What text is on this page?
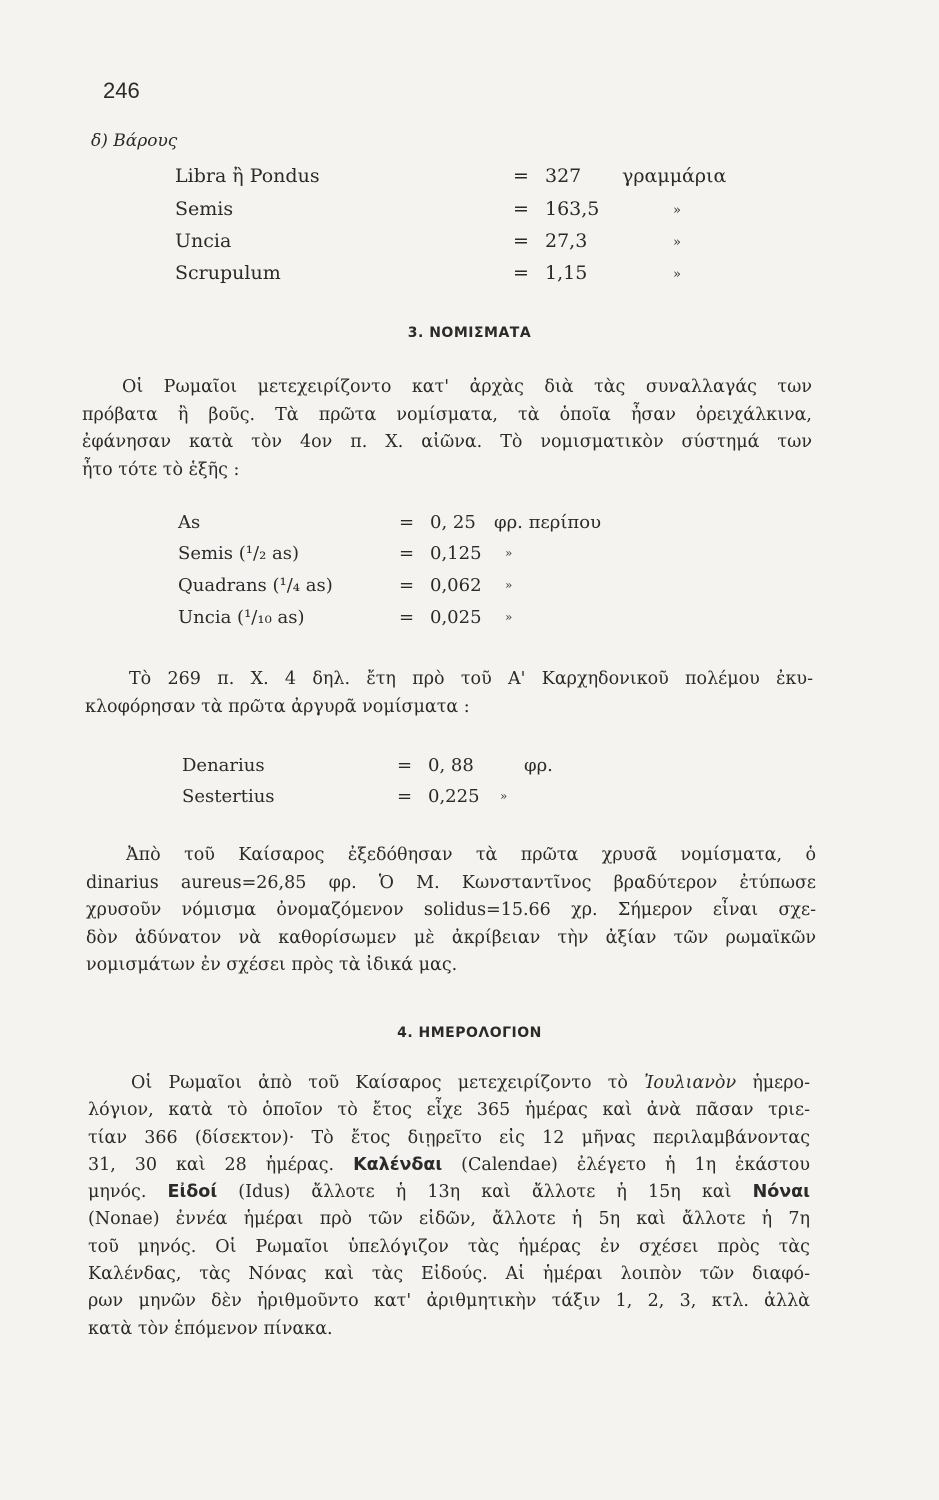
246
δ) Βάρους
Libra ἢ Pondus	= 327 γραμμάρια
Semis	= 163,5	»
Uncia	= 27,3	»
Scrupulum	= 1,15	»
3. ΝΟΜΙΣΜΑΤΑ
Οἱ Ρωμαῖοι μετεχειρίζοντο κατ' ἀρχὰς διὰ τὰς συναλλαγάς των
πρόβατα ἢ βοῦς. Τὰ πρῶτα νομίσματα, τὰ ὁποῖα ἦσαν ὀρειχάλκινα,
ἐφάνησαν κατὰ τὸν 4ον π. Χ. αἰῶνα. Τὸ νομισματικὸν σύστημά των
ἦτο τότε τὸ ἑξῆς :
As	= 0, 25 φρ. περίπου
Semis (¹/₂ as)	= 0,125 »
Quadrans (¹/₄ as)	= 0,062 »
Uncia (¹/₁₀ as)	= 0,025 »
Τὸ 269 π. Χ. 4 δηλ. ἔτη πρὸ τοῦ Α' Καρχηδονικοῦ πολέμου ἐκυ-
κλοφόρησαν τὰ πρῶτα ἀργυρᾶ νομίσματα :
Denarius	= 0, 88	φρ.
Sestertius	= 0,225 »
Ἀπὸ τοῦ Καίσαρος ἐξεδόθησαν τὰ πρῶτα χρυσᾶ νομίσματα, ὁ
dinarius aureus=26,85 φρ. Ὁ Μ. Κωνσταντῖνος βραδύτερον ἐτύπωσε
χρυσοῦν νόμισμα ὀνομαζόμενον solidus=15.66 χρ. Σήμερον εἶναι σχε-
δὸν ἀδύνατον νὰ καθορίσωμεν μὲ ἀκρίβειαν τὴν ἀξίαν τῶν ρωμαϊκῶν
νομισμάτων ἐν σχέσει πρὸς τὰ ἰδικά μας.
4. ΗΜΕΡΟΛΟΓΙΟΝ
Οἱ Ρωμαῖοι ἀπὸ τοῦ Καίσαρος μετεχειρίζοντο τὸ Ἰουλιανὸν ἡμερο-
λόγιον, κατὰ τὸ ὁποῖον τὸ ἔτος εἶχε 365 ἡμέρας καὶ ἀνὰ πᾶσαν τριε-
τίαν 366 (δίσεκτον)· Τὸ ἔτος διῃρεῖτο εἰς 12 μῆνας περιλαμβάνοντας
31, 30 καὶ 28 ἡμέρας. Καλένδαι (Calendae) ἐλέγετο ἡ 1η ἑκάστου
μηνός. Εἰδοί (Idus) ἄλλοτε ἡ 13η καὶ ἄλλοτε ἡ 15η καὶ Νόναι
(Nonae) ἐννέα ἡμέραι πρὸ τῶν εἰδῶν, ἄλλοτε ἡ 5η καὶ ἄλλοτε ἡ 7η
τοῦ μηνός. Οἱ Ρωμαῖοι ὑπελόγιζον τὰς ἡμέρας ἐν σχέσει πρὸς τὰς
Καλένδας, τὰς Νόνας καὶ τὰς Εἰδούς. Αἱ ἡμέραι λοιπὸν τῶν διαφό-
ρων μηνῶν δὲν ἠριθμοῦντο κατ' ἀριθμητικὴν τάξιν 1, 2, 3, κτλ. ἀλλὰ
κατὰ τὸν ἑπόμενον πίνακα.
